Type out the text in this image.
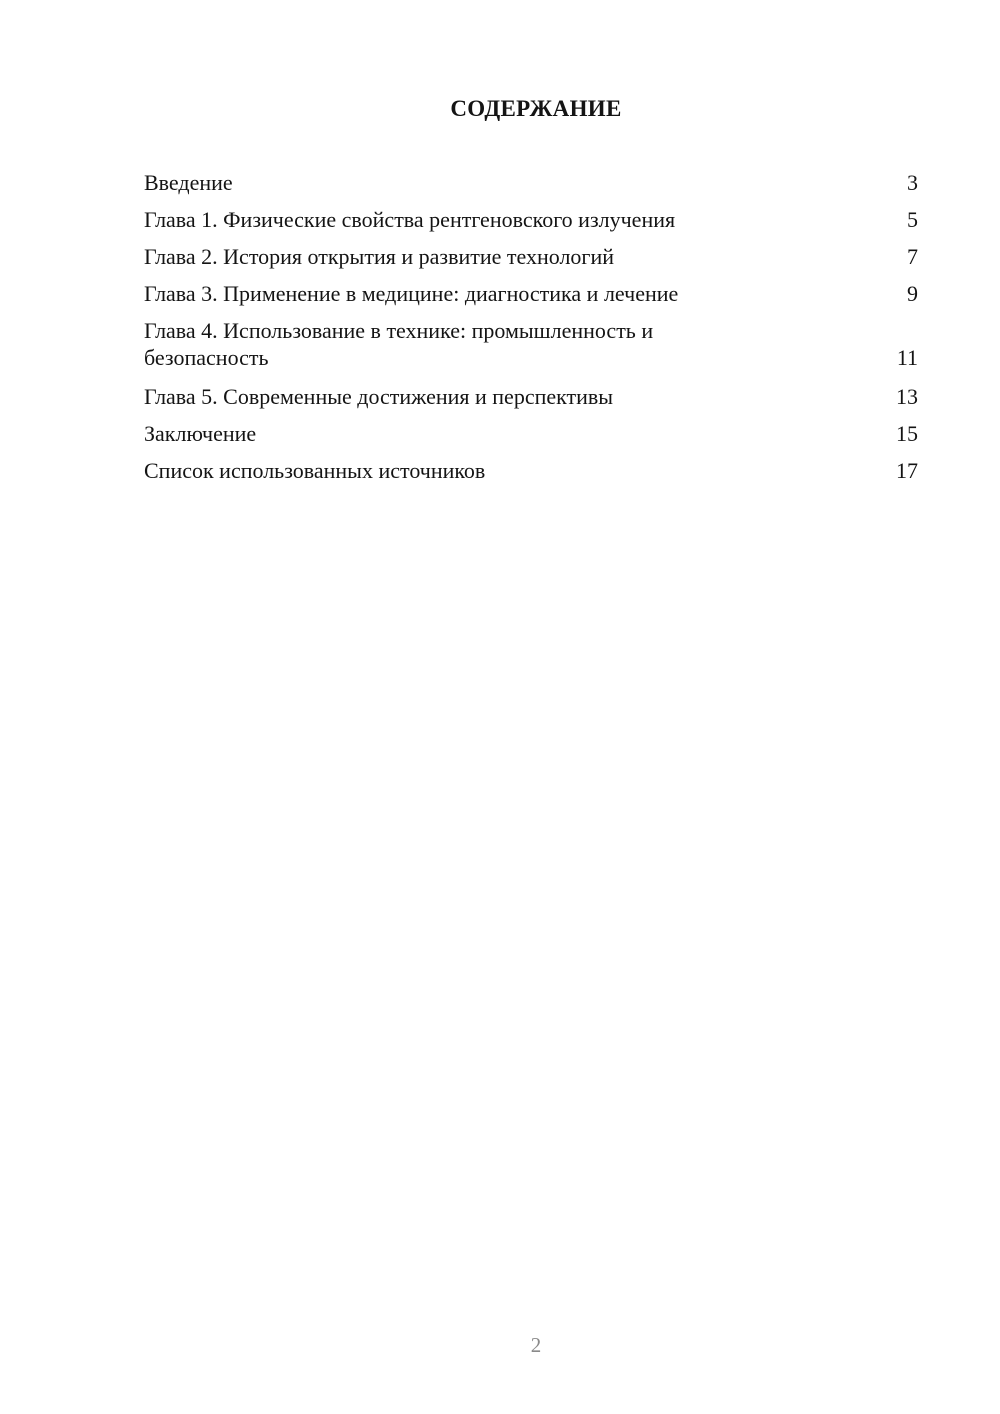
СОДЕРЖАНИЕ
Введение	3
Глава 1. Физические свойства рентгеновского излучения	5
Глава 2. История открытия и развитие технологий	7
Глава 3. Применение в медицине: диагностика и лечение	9
Глава 4. Использование в технике: промышленность и безопасность	11
Глава 5. Современные достижения и перспективы	13
Заключение	15
Список использованных источников	17
2
